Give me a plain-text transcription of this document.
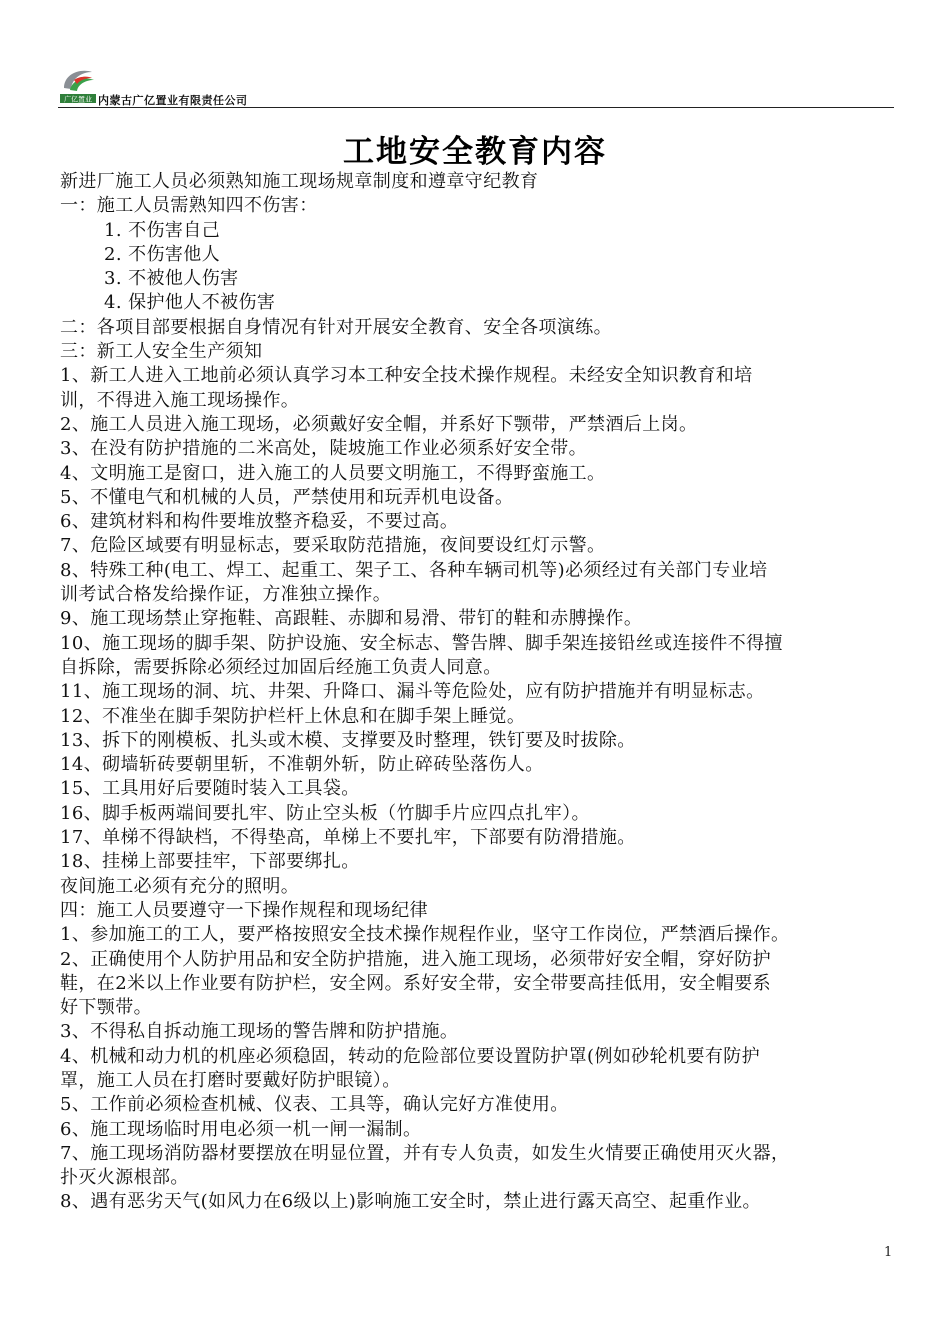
广亿置业 内蒙古广亿置业有限责任公司
工地安全教育内容
新进厂施工人员必须熟知施工现场规章制度和遵章守纪教育
一：施工人员需熟知四不伤害：
1. 不伤害自己
2. 不伤害他人
3. 不被他人伤害
4. 保护他人不被伤害
二：各项目部要根据自身情况有针对开展安全教育、安全各项演练。
三：新工人安全生产须知
1、新工人进入工地前必须认真学习本工种安全技术操作规程。未经安全知识教育和培
训，不得进入施工现场操作。
2、施工人员进入施工现场，必须戴好安全帽，并系好下颚带，严禁酒后上岗。
3、在没有防护措施的二米高处，陡坡施工作业必须系好安全带。
4、文明施工是窗口，进入施工的人员要文明施工，不得野蛮施工。
5、不懂电气和机械的人员，严禁使用和玩弄机电设备。
6、建筑材料和构件要堆放整齐稳妥，不要过高。
7、危险区域要有明显标志，要采取防范措施，夜间要设红灯示警。
8、特殊工种(电工、焊工、起重工、架子工、各种车辆司机等)必须经过有关部门专业培
训考试合格发给操作证，方准独立操作。
9、施工现场禁止穿拖鞋、高跟鞋、赤脚和易滑、带钉的鞋和赤膊操作。
10、施工现场的脚手架、防护设施、安全标志、警告牌、脚手架连接铅丝或连接件不得擅
自拆除，需要拆除必须经过加固后经施工负责人同意。
11、施工现场的洞、坑、井架、升降口、漏斗等危险处，应有防护措施并有明显标志。
12、不准坐在脚手架防护栏杆上休息和在脚手架上睡觉。
13、拆下的刚模板、扎头或木模、支撑要及时整理，铁钉要及时拔除。
14、砌墙斩砖要朝里斩，不准朝外斩，防止碎砖坠落伤人。
15、工具用好后要随时装入工具袋。
16、脚手板两端间要扎牢、防止空头板（竹脚手片应四点扎牢）。
17、单梯不得缺档，不得垫高，单梯上不要扎牢，下部要有防滑措施。
18、挂梯上部要挂牢，下部要绑扎。
夜间施工必须有充分的照明。
四：施工人员要遵守一下操作规程和现场纪律
1、参加施工的工人，要严格按照安全技术操作规程作业，坚守工作岗位，严禁酒后操作。
2、正确使用个人防护用品和安全防护措施，进入施工现场，必须带好安全帽，穿好防护
鞋，在2米以上作业要有防护栏，安全网。系好安全带，安全带要高挂低用，安全帽要系
好下颚带。
3、不得私自拆动施工现场的警告牌和防护措施。
4、机械和动力机的机座必须稳固，转动的危险部位要设置防护罩(例如砂轮机要有防护
罩，施工人员在打磨时要戴好防护眼镜）。
5、工作前必须检查机械、仪表、工具等，确认完好方准使用。
6、施工现场临时用电必须一机一闸一漏制。
7、施工现场消防器材要摆放在明显位置，并有专人负责，如发生火情要正确使用灭火器，
扑灭火源根部。
8、遇有恶劣天气(如风力在6级以上)影响施工安全时，禁止进行露天高空、起重作业。
1
